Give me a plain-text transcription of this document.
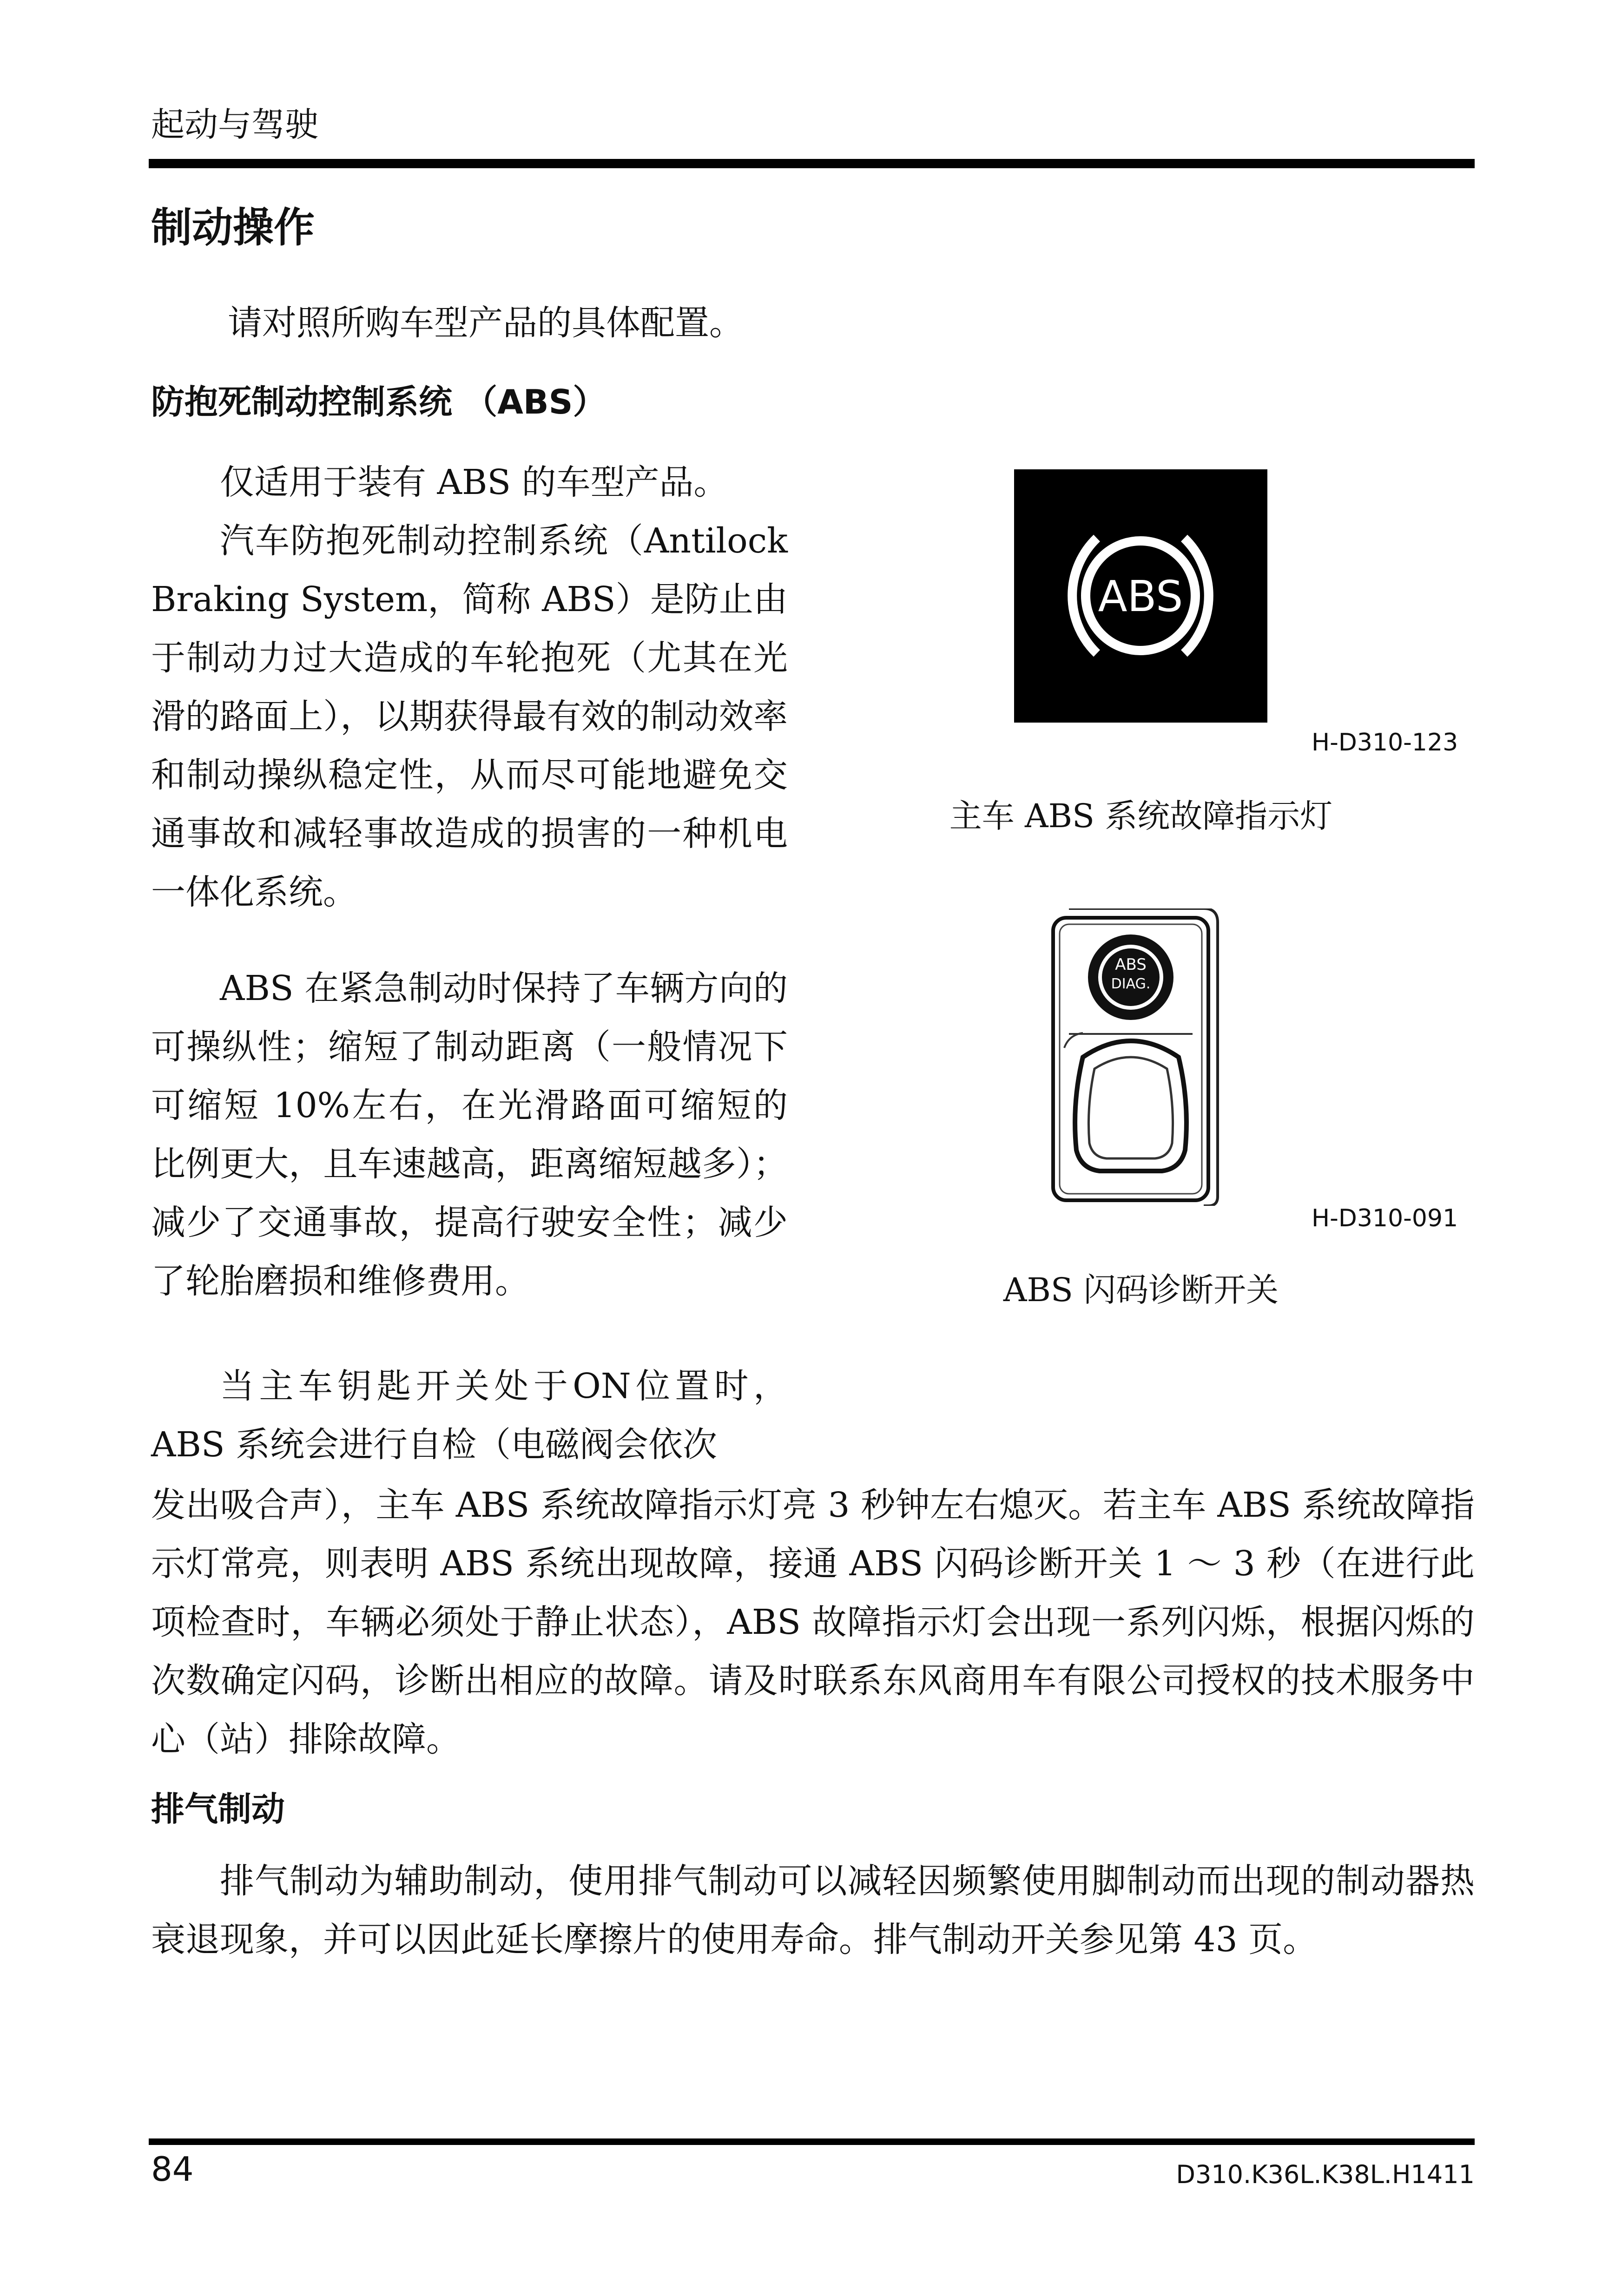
起动与驾驶
制动操作
请对照所购车型产品的具体配置。
防抱死制动控制系统 （ABS）
仅适用于装有 ABS 的车型产品。
汽车防抱死制动控制系统（Antilock Braking System，简称 ABS）是防止由于制动力过大造成的车轮抱死（尤其在光滑的路面上），以期获得最有效的制动效率和制动操纵稳定性，从而尽可能地避免交通事故和减轻事故造成的损害的一种机电一体化系统。
ABS 在紧急制动时保持了车辆方向的可操纵性；缩短了制动距离（一般情况下可缩短 10%左右，在光滑路面可缩短的比例更大，且车速越高，距离缩短越多）；减少了交通事故，提高行驶安全性；减少了轮胎磨损和维修费用。
当主车钥匙开关处于ON位置时，ABS 系统会进行自检（电磁阀会依次
发出吸合声），主车 ABS 系统故障指示灯亮 3 秒钟左右熄灭。若主车 ABS 系统故障指示灯常亮，则表明 ABS 系统出现故障，接通 ABS 闪码诊断开关 1 ～ 3 秒（在进行此项检查时，车辆必须处于静止状态），ABS 故障指示灯会出现一系列闪烁，根据闪烁的次数确定闪码，诊断出相应的故障。请及时联系东风商用车有限公司授权的技术服务中心（站）排除故障。
ABS
H-D310-123
主车 ABS 系统故障指示灯
ABS
DIAG.
H-D310-091
ABS 闪码诊断开关
排气制动
排气制动为辅助制动，使用排气制动可以减轻因频繁使用脚制动而出现的制动器热衰退现象，并可以因此延长摩擦片的使用寿命。排气制动开关参见第 43 页。
84	D310.K36L.K38L.H1411
